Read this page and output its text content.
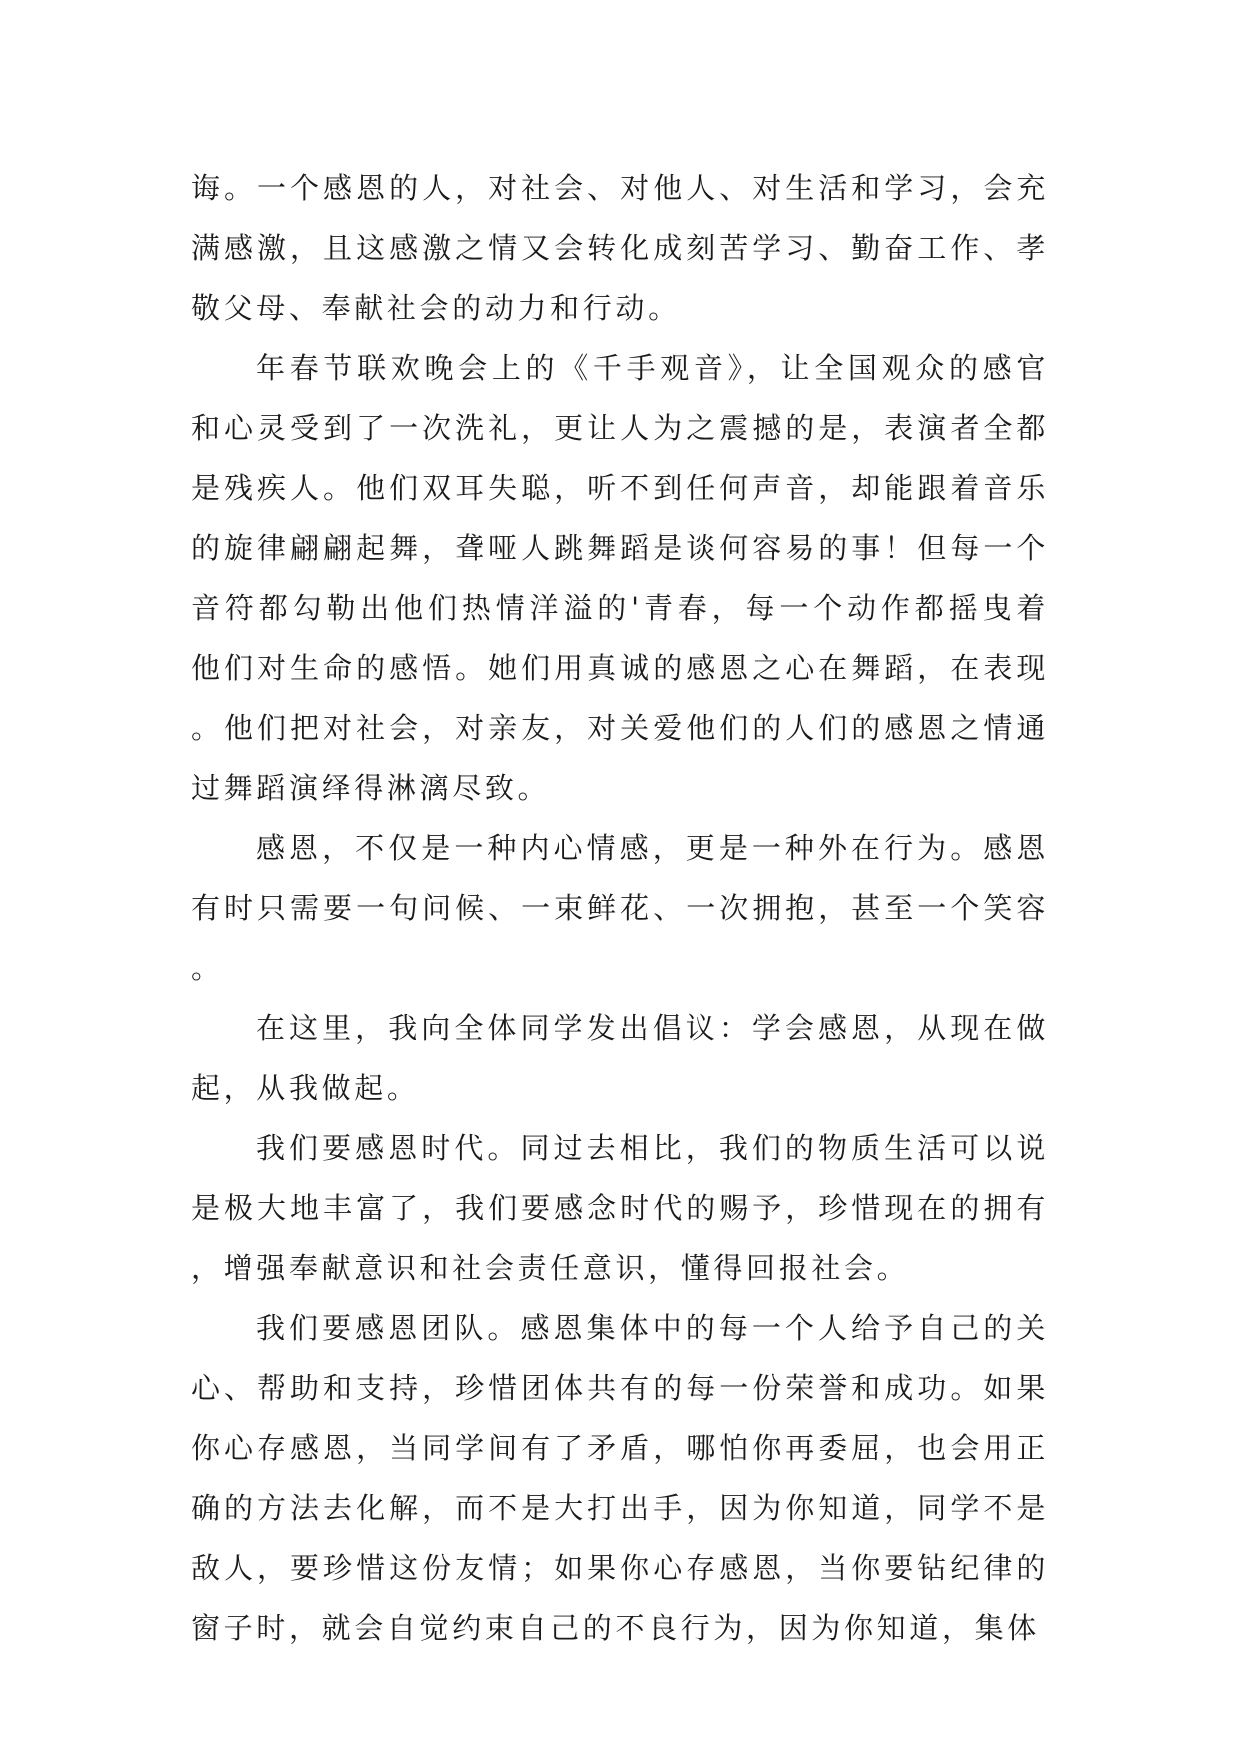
诲。一个感恩的人，对社会、对他人、对生活和学习，会充满感激，且这感激之情又会转化成刻苦学习、勤奋工作、孝敬父母、奉献社会的动力和行动。

年春节联欢晚会上的《千手观音》，让全国观众的感官和心灵受到了一次洗礼，更让人为之震撼的是，表演者全都是残疾人。他们双耳失聪，听不到任何声音，却能跟着音乐的旋律翩翩起舞，聋哑人跳舞蹈是谈何容易的事！但每一个音符都勾勒出他们热情洋溢的'青春，每一个动作都摇曳着他们对生命的感悟。她们用真诚的感恩之心在舞蹈，在表现。他们把对社会，对亲友，对关爱他们的人们的感恩之情通过舞蹈演绎得淋漓尽致。

感恩，不仅是一种内心情感，更是一种外在行为。感恩有时只需要一句问候、一束鲜花、一次拥抱，甚至一个笑容。

在这里，我向全体同学发出倡议：学会感恩，从现在做起，从我做起。

我们要感恩时代。同过去相比，我们的物质生活可以说是极大地丰富了，我们要感念时代的赐予，珍惜现在的拥有，增强奉献意识和社会责任意识，懂得回报社会。

我们要感恩团队。感恩集体中的每一个人给予自己的关心、帮助和支持，珍惜团体共有的每一份荣誉和成功。如果你心存感恩，当同学间有了矛盾，哪怕你再委屈，也会用正确的方法去化解，而不是大打出手，因为你知道，同学不是敌人，要珍惜这份友情；如果你心存感恩，当你要钻纪律的窗子时，就会自觉约束自己的不良行为，因为你知道，集体
